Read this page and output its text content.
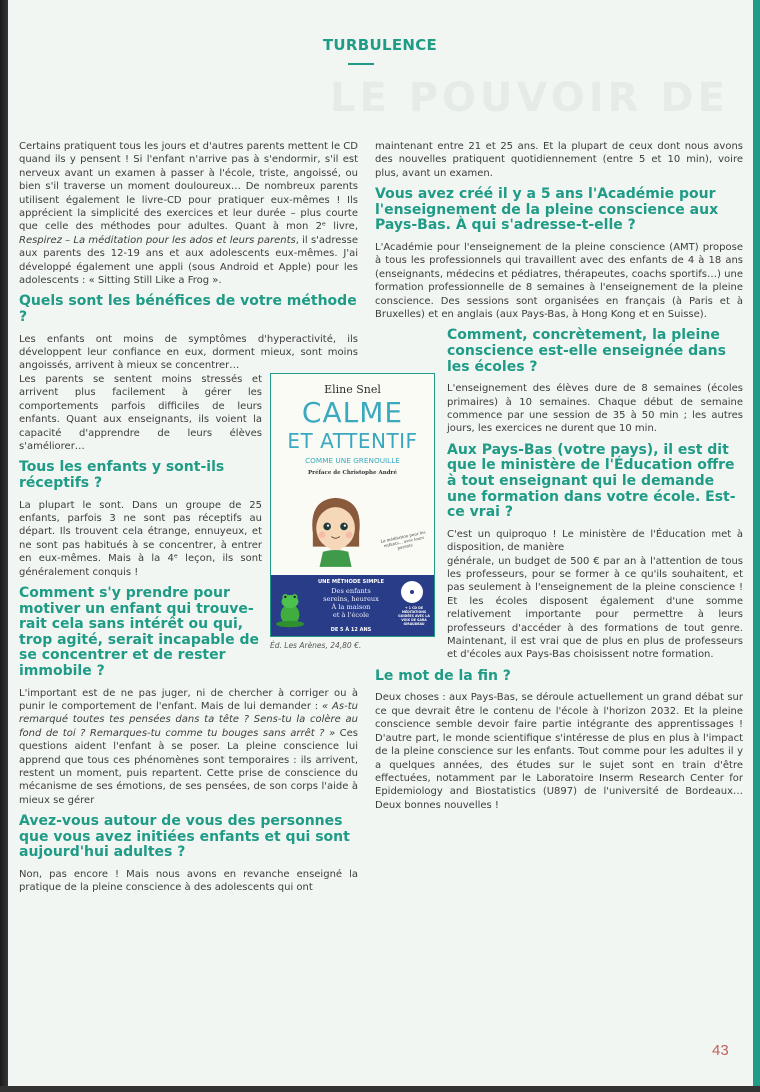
LE POUVOIR DE
TURBULENCE

Certains pratiquent tous les jours et d'autres parents mettent le CD quand ils y pensent ! Si l'enfant n'arrive pas à s'endormir, s'il est nerveux avant un examen à passer à l'école, triste, angoissé, ou bien s'il traverse un moment douloureux… De nombreux parents utilisent également le livre-CD pour pratiquer eux-mêmes ! Ils apprécient la simplicité des exercices et leur durée – plus courte que celle des méthodes pour adultes. Quant à mon 2ᵉ livre, Respirez – La méditation pour les ados et leurs parents, il s'adresse aux parents des 12-19 ans et aux adolescents eux-mêmes. J'ai développé également une appli (sous Android et Apple) pour les adolescents : « Sitting Still Like a Frog ».

Quels sont les bénéfices de votre méthode ?

Les enfants ont moins de symptômes d'hyperactivité, ils développent leur confiance en eux, dorment mieux, sont moins angoissés, arrivent à mieux se concentrer…

Les parents se sentent moins stressés et arrivent plus facilement à gérer les comportements parfois difficiles de leurs enfants. Quant aux enseignants, ils voient la capacité d'apprendre de leurs élèves s'améliorer…

Tous les enfants y sont-ils réceptifs ?

La plupart le sont. Dans un groupe de 25 enfants, parfois 3 ne sont pas réceptifs au départ. Ils trouvent cela étrange, ennuyeux, et ne sont pas habitués à se concentrer, à entrer en eux-mêmes. Mais à la 4ᵉ leçon, ils sont généralement conquis !

Comment s'y prendre pour motiver un enfant qui trouve-
rait cela sans intérêt ou qui, trop agité, serait incapable de se concentrer et de rester immobile ?

L'important est de ne pas juger, ni de chercher à corriger ou à punir le comportement de l'enfant. Mais de lui demander : « As-tu remarqué toutes tes pensées dans ta tête ? Sens-tu la colère au fond de toi ? Remarques-tu comme tu bouges sans arrêt ? » Ces questions aident l'enfant à se poser. La pleine conscience lui apprend que tous ces phénomènes sont temporaires : ils arrivent, restent un moment, puis repartent. Cette prise de conscience du mécanisme de ses émotions, de ses pensées, de son corps l'aide à mieux se gérer

Avez-vous autour de vous des personnes que vous avez initiées enfants et qui sont aujourd'hui adultes ?

Non, pas encore ! Mais nous avons en revanche enseigné la pratique de la pleine conscience à des adolescents qui ont

maintenant entre 21 et 25 ans. Et la plupart de ceux dont nous avons des nouvelles pratiquent quotidiennement (entre 5 et 10 min), voire plus, avant un examen.

Vous avez créé il y a 5 ans l'Académie pour l'enseignement de la pleine conscience aux Pays-Bas. À qui s'adresse-t-elle ?

L'Académie pour l'enseignement de la pleine conscience (AMT) propose à tous les professionnels qui travaillent avec des enfants de 4 à 18 ans (enseignants, médecins et pédiatres, thérapeutes, coachs sportifs…) une formation professionnelle de 8 semaines à l'enseignement de la pleine conscience. Des sessions sont organisées en français (à Paris et à Bruxelles) et en anglais (aux Pays-Bas, à Hong Kong et en Suisse).

Comment, concrètement, la pleine conscience est-elle enseignée dans les écoles ?

L'enseignement des élèves dure de 8 semaines (écoles primaires) à 10 semaines. Chaque début de semaine commence par une session de 35 à 50 min ; les autres jours, les exercices ne durent que 10 min.

Aux Pays-Bas (votre pays), il est dit que le ministère de l'Éducation offre à tout enseignant qui le demande une formation dans votre école. Est-ce vrai ?

C'est un quiproquo ! Le ministère de l'Éducation met à disposition, de manière

générale, un budget de 500 € par an à l'attention de tous les professeurs, pour se former à ce qu'ils souhaitent, et pas seulement à l'enseignement de la pleine conscience ! Et les écoles disposent également d'une somme relativement importante pour permettre à leurs professeurs d'accéder à des formations de tout genre. Maintenant, il est vrai que de plus en plus de professeurs et d'écoles aux Pays-Bas choisissent notre formation.

Le mot de la fin ?

Deux choses : aux Pays-Bas, se déroule actuellement un grand débat sur ce que devrait être le contenu de l'école à l'horizon 2032. Et la pleine conscience semble devoir faire partie intégrante des apprentissages ! D'autre part, le monde scientifique s'intéresse de plus en plus à l'impact de la pleine conscience sur les enfants. Tout comme pour les adultes il y a quelques années, des études sur le sujet sont en train d'être effectuées, notamment par le Laboratoire Inserm Research Center for Epidemiology and Biostatistics (U897) de l'université de Bordeaux… Deux bonnes nouvelles !

Eline Snel
CALME
ET ATTENTIF
COMME UNE GRENOUILLE
Préface de Christophe André
La méditation pour les enfants… avec leurs parents
UNE MÉTHODE SIMPLE
Des enfants
sereins, heureux
À la maison
et à l'école
DE 5 À 12 ANS
+ 1 CD DE MÉDITATIONS GUIDÉES AVEC LA VOIX DE SARA GIRAUDEAU
Éd. Les Arènes, 24,80 €.
43
